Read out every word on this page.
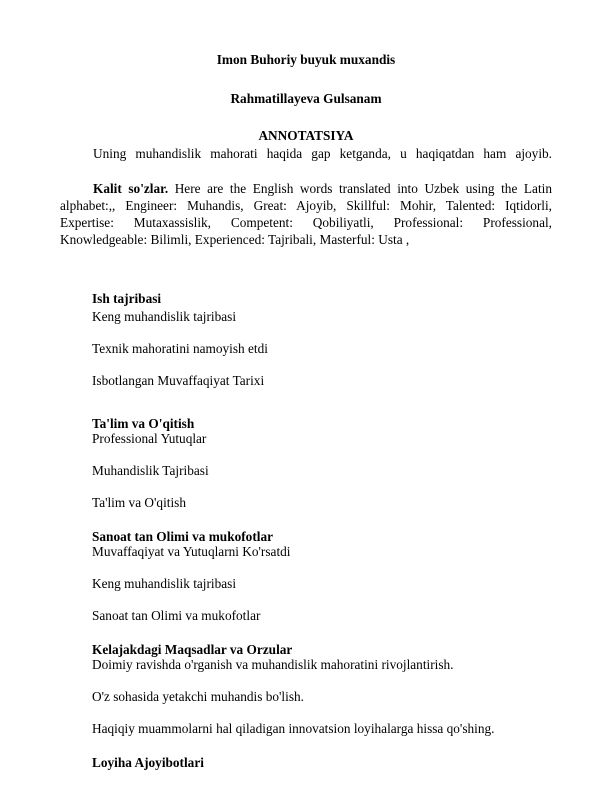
Imon Buhoriy buyuk muxandis
Rahmatillayeva Gulsanam
ANNOTATSIYA
Uning muhandislik mahorati haqida gap ketganda, u haqiqatdan ham ajoyib.
Kalit so'zlar. Here are the English words translated into Uzbek using the Latin alphabet:,, Engineer: Muhandis, Great: Ajoyib, Skillful: Mohir, Talented: Iqtidorli, Expertise: Mutaxassislik, Competent: Qobiliyatli, Professional: Professional, Knowledgeable: Bilimli, Experienced: Tajribali, Masterful: Usta ,
Ish tajribasi
Keng muhandislik tajribasi
Texnik mahoratini namoyish etdi
Isbotlangan Muvaffaqiyat Tarixi
Ta'lim va O'qitish
Professional Yutuqlar
Muhandislik Tajribasi
Ta'lim va O'qitish
Sanoat tan Olimi va mukofotlar
Muvaffaqiyat va Yutuqlarni Ko'rsatdi
Keng muhandislik tajribasi
Sanoat tan Olimi va mukofotlar
Kelajakdagi Maqsadlar va Orzular
Doimiy ravishda o'rganish va muhandislik mahoratini rivojlantirish.
O'z sohasida yetakchi muhandis bo'lish.
Haqiqiy muammolarni hal qiladigan innovatsion loyihalarga hissa qo'shing.
Loyiha Ajoyibotlari
